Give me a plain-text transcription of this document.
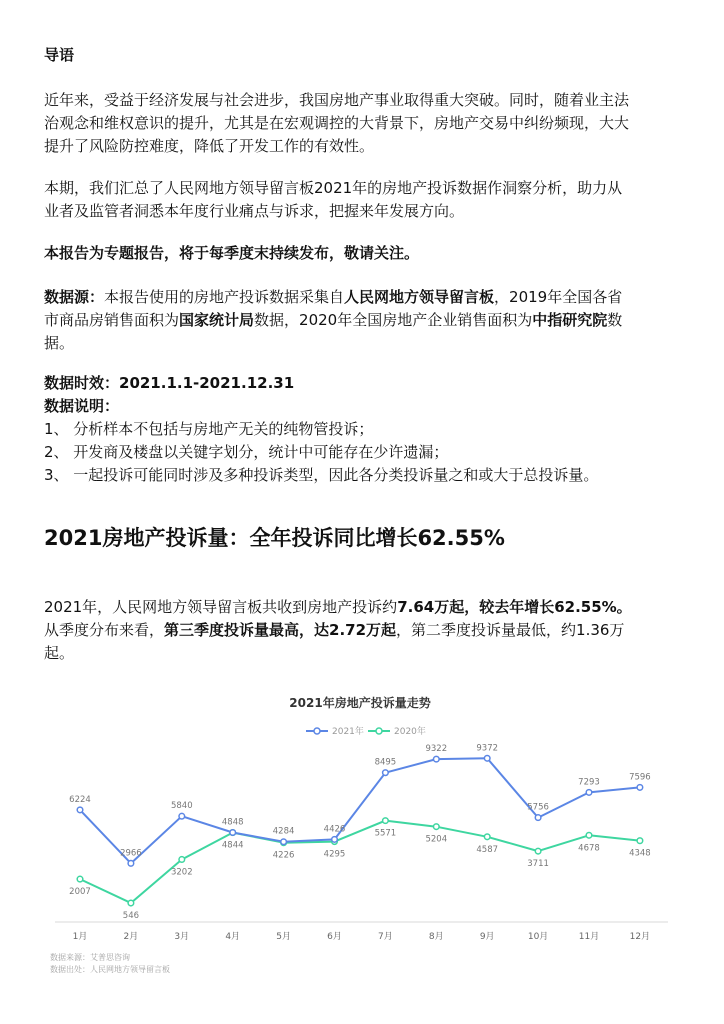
导语
近年来，受益于经济发展与社会进步，我国房地产事业取得重大突破。同时，随着业主法
治观念和维权意识的提升，尤其是在宏观调控的大背景下，房地产交易中纠纷频现，大大
提升了风险防控难度，降低了开发工作的有效性。
本期，我们汇总了人民网地方领导留言板2021年的房地产投诉数据作洞察分析，助力从
业者及监管者洞悉本年度行业痛点与诉求，把握来年发展方向。
本报告为专题报告，将于每季度末持续发布，敬请关注。
数据源：本报告使用的房地产投诉数据采集自人民网地方领导留言板，2019年全国各省
市商品房销售面积为国家统计局数据，2020年全国房地产企业销售面积为中指研究院数
据。
数据时效：2021.1.1-2021.12.31
数据说明：
1、 分析样本不包括与房地产无关的纯物管投诉；
2、 开发商及楼盘以关键字划分，统计中可能存在少许遗漏；
3、 一起投诉可能同时涉及多种投诉类型，因此各分类投诉量之和或大于总投诉量。
2021房地产投诉量：全年投诉同比增长62.55%
2021年，人民网地方领导留言板共收到房地产投诉约7.64万起，较去年增长62.55%。
从季度分布来看，第三季度投诉量最高，达2.72万起，第二季度投诉量最低，约1.36万
起。
2021年房地产投诉量走势
2021年	2020年
1月	2月	3月	4月	5月	6月	7月	8月	9月	10月	11月	12月
2007
546
3202
4844
4226	4295
5571
5204
4587
3711
4678
4348
6224
2966
5840
4848
4284	4426
8495
9322	9372
5756
7293	7596
数据来源：艾普思咨询
数据出处：人民网地方领导留言板
